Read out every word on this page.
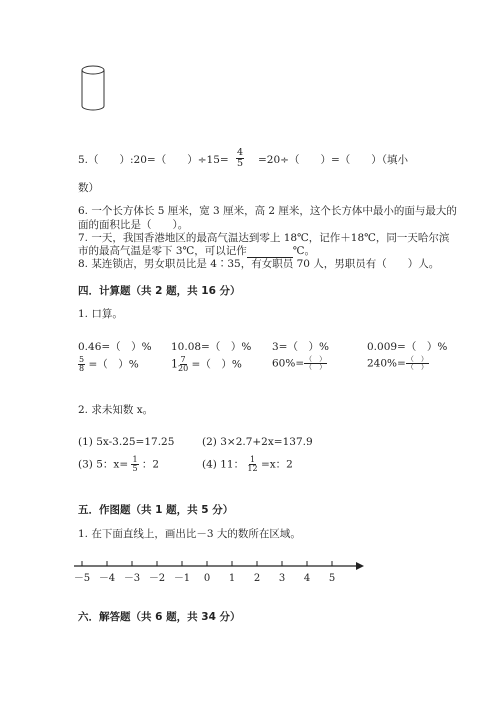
5.（　　）:20=（　　）$\div 15= \frac{4}{5} =20\div$（　　）=（　　）（填小
数）
6. 一个长方体长 5 厘米，宽 3 厘米，高 2 厘米，这个长方体中最小的面与最大的
面的面积比是（　　）。
7. 一天，我国香港地区的最高气温达到零上 18℃，记作＋18℃，同一天哈尔滨
市的最高气温是零下 3℃，可以记作	℃。
8. 某连锁店，男女职员比是 4∶35，有女职员 70 人，男职员有（　　）人。
四．计算题（共 2 题，共 16 分）
1. 口算。
0.46=（　）% 10.08=（　）% 3=（　）%	0.009=（　）%
$\frac{5}{8}$ =（　）%	$1 \frac{7}{20}$ =（　）%	$60\%= \frac{( )}{( )}$	$240\%= \frac{( )}{( )}$
2. 求未知数 x。
(1) 5x-3.25=17.25	(2) 3×2.7+2x=137.9
(3) 5：$x= \frac{1}{5}$ ：2	(4) 11： $\frac{1}{12} =x$：2
五．作图题（共 1 题，共 5 分）
1. 在下面直线上，画出比－3 大的数所在区域。
－5 －4 －3 －2 －1 0 1 2 3 4 5
六．解答题（共 6 题，共 34 分）
